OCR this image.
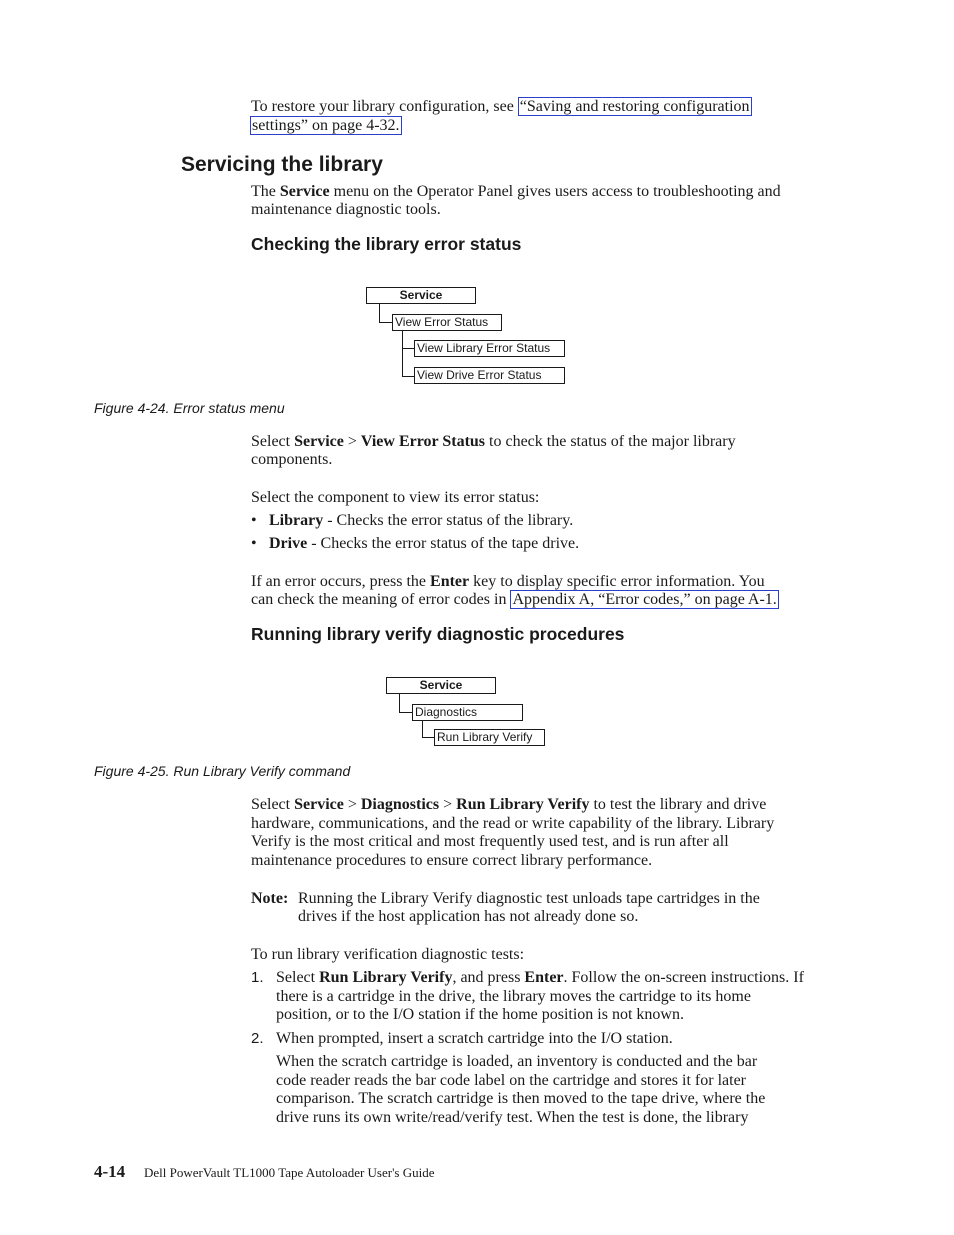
To restore your library configuration, see “Saving and restoring configuration
settings” on page 4-32.
Servicing the library
The Service menu on the Operator Panel gives users access to troubleshooting and
maintenance diagnostic tools.
Checking the library error status
Service
View Error Status
View Library Error Status
View Drive Error Status
Figure 4-24. Error status menu
Select Service > View Error Status to check the status of the major library
components.
Select the component to view its error status:
• Library - Checks the error status of the library.
• Drive - Checks the error status of the tape drive.
If an error occurs, press the Enter key to display specific error information. You
can check the meaning of error codes in Appendix A, “Error codes,” on page A-1.
Running library verify diagnostic procedures
Service
Diagnostics
Run Library Verify
Figure 4-25. Run Library Verify command
Select Service > Diagnostics > Run Library Verify to test the library and drive
hardware, communications, and the read or write capability of the library. Library
Verify is the most critical and most frequently used test, and is run after all
maintenance procedures to ensure correct library performance.
Note: Running the Library Verify diagnostic test unloads tape cartridges in the
drives if the host application has not already done so.
To run library verification diagnostic tests:
1. Select Run Library Verify, and press Enter. Follow the on-screen instructions. If
there is a cartridge in the drive, the library moves the cartridge to its home
position, or to the I/O station if the home position is not known.
2. When prompted, insert a scratch cartridge into the I/O station.
When the scratch cartridge is loaded, an inventory is conducted and the bar
code reader reads the bar code label on the cartridge and stores it for later
comparison. The scratch cartridge is then moved to the tape drive, where the
drive runs its own write/read/verify test. When the test is done, the library
4-14 Dell PowerVault TL1000 Tape Autoloader User's Guide
